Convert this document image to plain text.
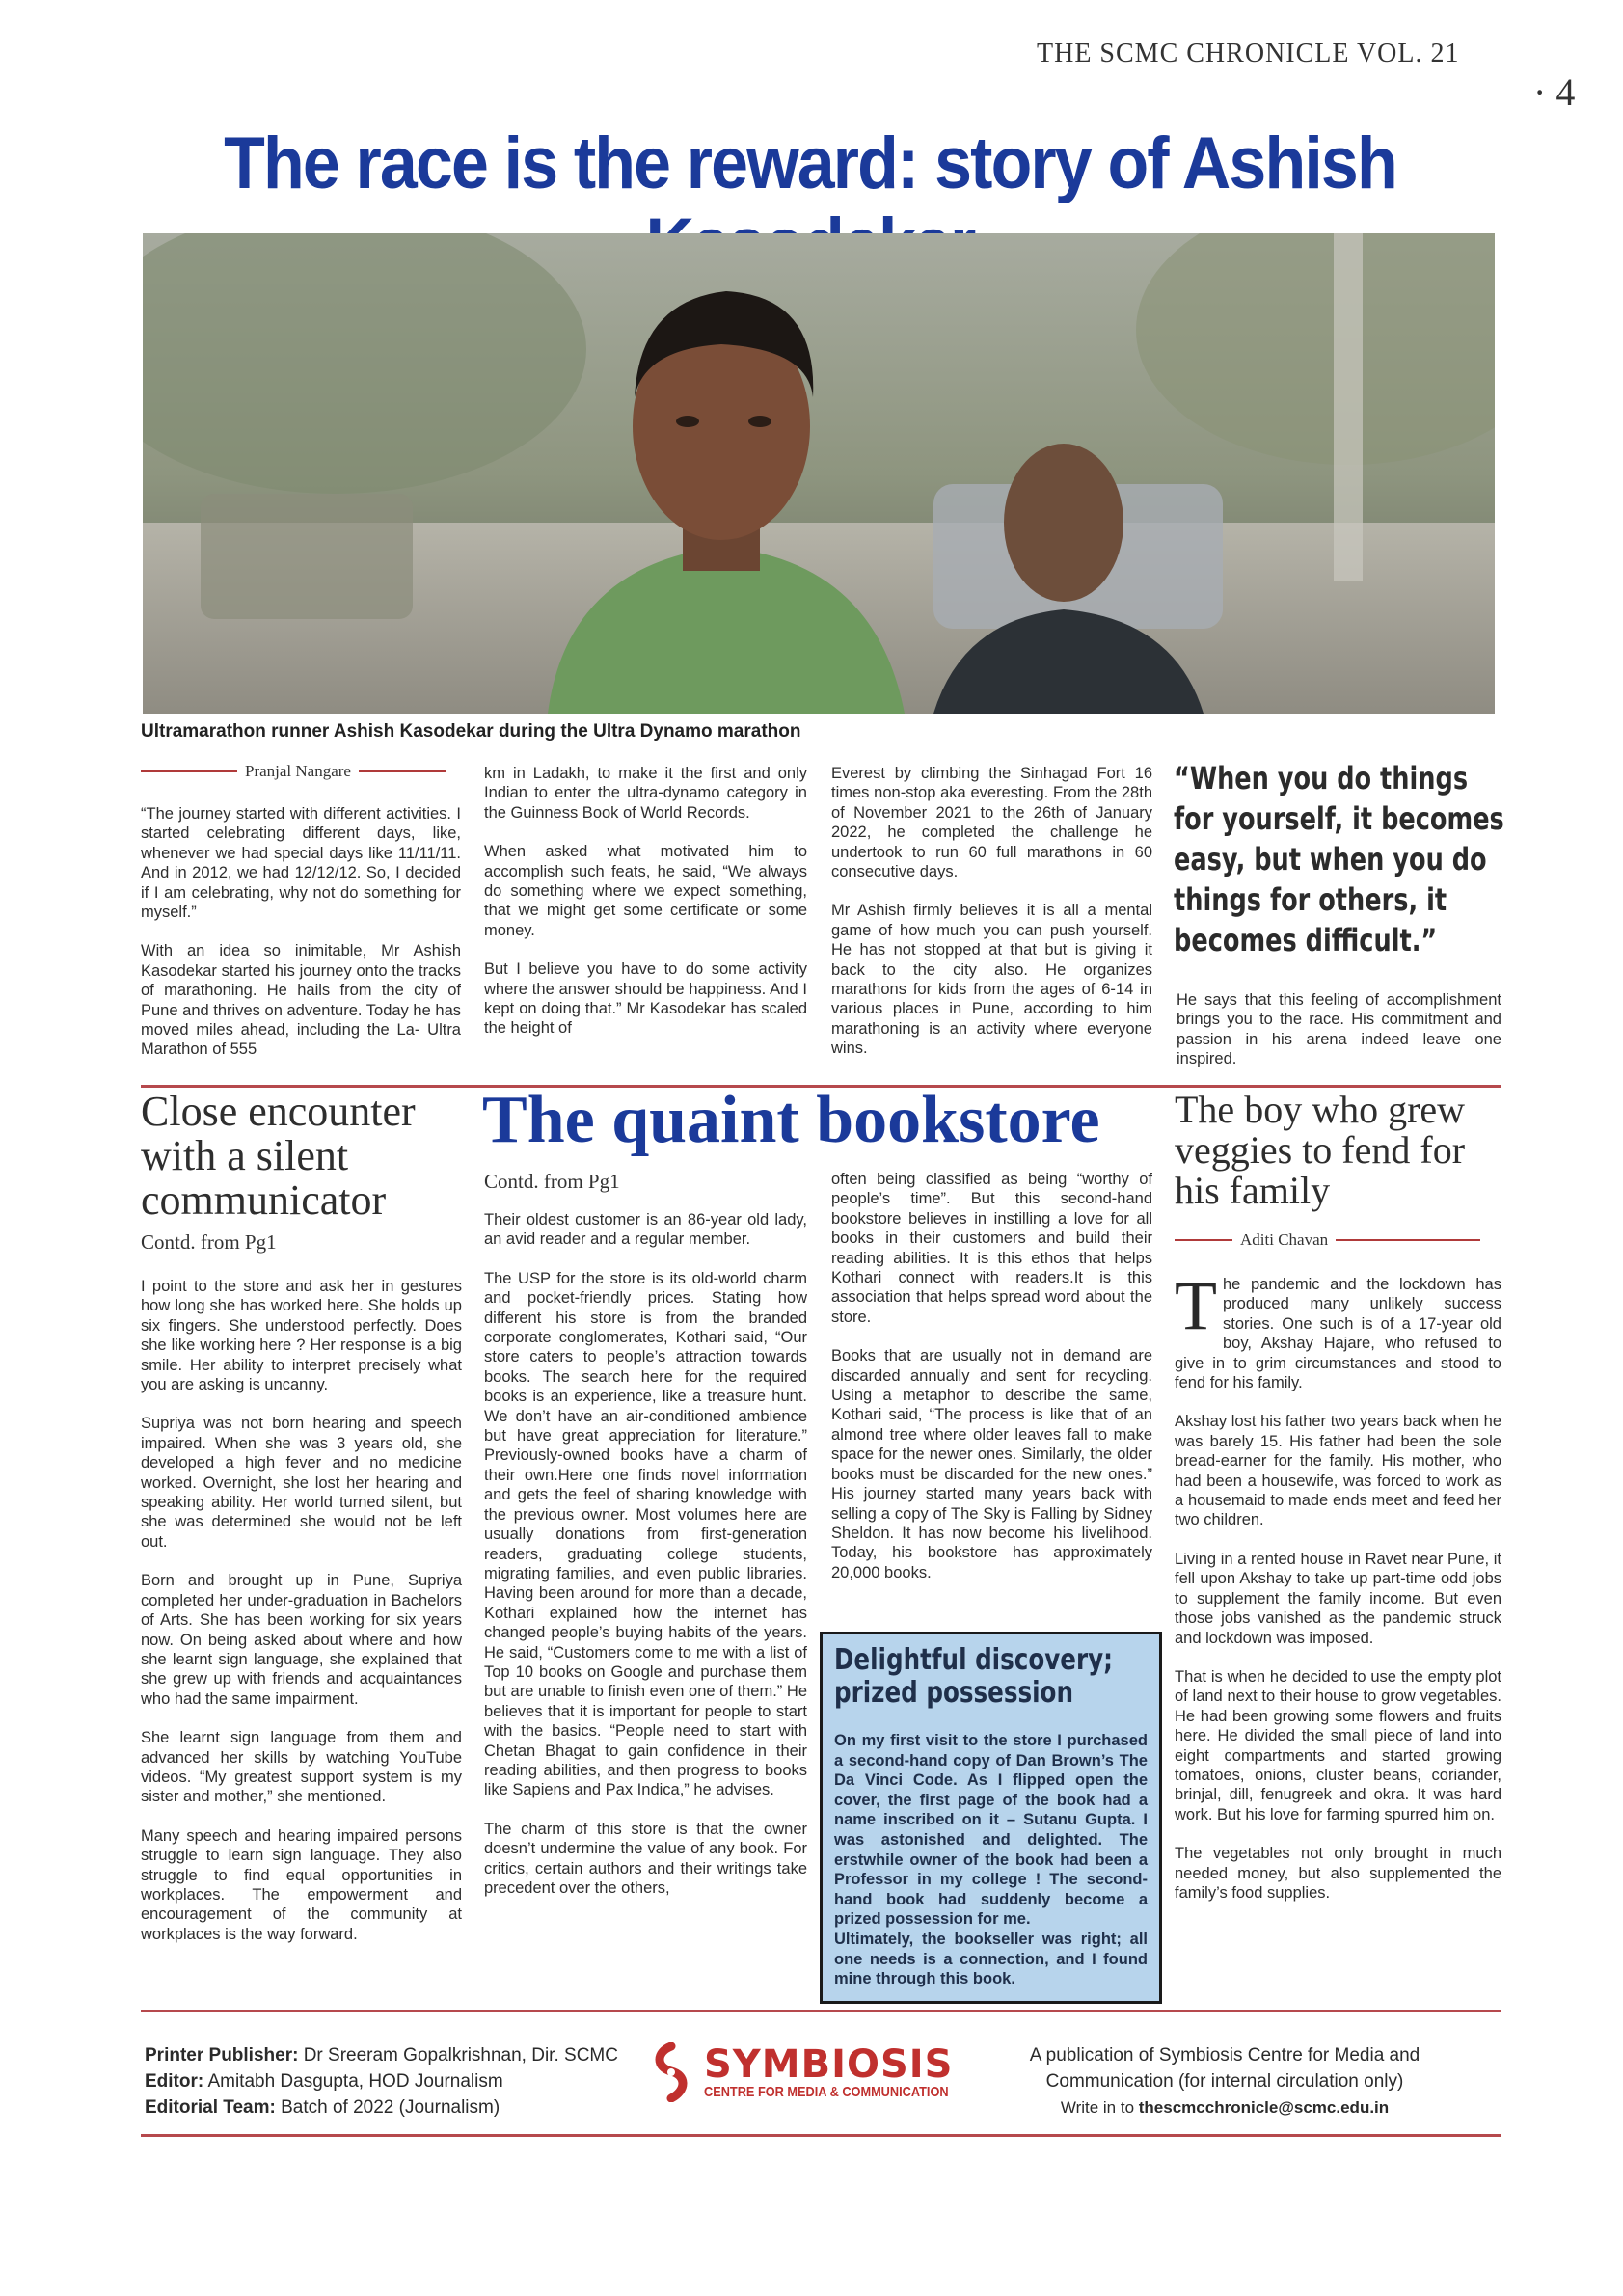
THE SCMC CHRONICLE VOL. 21
· 4
The race is the reward: story of Ashish
Ultramarathon runner Ashish Kasodekar during the Ultra Dynamo marathon
Pranjal Nangare

“The journey started with different activities. I started celebrating different days, like, whenever we had special days like 11/11/11. And in 2012, we had 12/12/12. So, I decided if I am celebrating, why not do something for myself.”

With an idea so inimitable, Mr Ashish Kasodekar started his journey onto the tracks of marathoning. He hails from the city of Pune and thrives on adventure. Today he has moved miles ahead, including the La- Ultra Marathon of 555

km in Ladakh, to make it the first and only Indian to enter the ultra-dynamo category in the Guinness Book of World Records.

When asked what motivated him to accomplish such feats, he said, “We always do something where we expect something, that we might get some certificate or some money.

But I believe you have to do some activity where the answer should be happiness. And I kept on doing that.” Mr Kasodekar has scaled the height of

Everest by climbing the Sinhagad Fort 16 times non-stop aka everesting. From the 28th of November 2021 to the 26th of January 2022, he completed the challenge he undertook to run 60 full marathons in 60 consecutive days.

Mr Ashish firmly believes it is all a mental game of how much you can push yourself. He has not stopped at that but is giving it back to the city also. He organizes marathons for kids from the ages of 6-14 in various places in Pune, according to him marathoning is an activity where everyone wins.

“When you do things for yourself, it becomes easy, but when you do things for others, it becomes difficult.”

He says that this feeling of accomplishment brings you to the race. His commitment and passion in his arena indeed leave one inspired.

Close encounter with a silent communicator
Contd. from Pg1

I point to the store and ask her in gestures how long she has worked here. She holds up six fingers. She understood perfectly. Does she like working here ? Her response is a big smile. Her ability to interpret precisely what you are asking is uncanny.

Supriya was not born hearing and speech impaired. When she was 3 years old, she developed a high fever and no medicine worked. Overnight, she lost her hearing and speaking ability. Her world turned silent, but she was determined she would not be left out.

Born and brought up in Pune, Supriya completed her under-graduation in Bachelors of Arts. She has been working for six years now. On being asked about where and how she learnt sign language, she explained that she grew up with friends and acquaintances who had the same impairment.

She learnt sign language from them and advanced her skills by watching YouTube videos. “My greatest support system is my sister and mother,” she mentioned.

Many speech and hearing impaired persons struggle to learn sign language. They also struggle to find equal opportunities in workplaces. The empowerment and encouragement of the community at workplaces is the way forward.

The quaint bookstore
Contd. from Pg1

Their oldest customer is an 86-year old lady, an avid reader and a regular member.

The USP for the store is its old-world charm and pocket-friendly prices. Stating how different his store is from the branded corporate conglomerates, Kothari said, “Our store caters to people’s attraction towards books. The search here for the required books is an experience, like a treasure hunt. We don’t have an air-conditioned ambience but have great appreciation for literature.” Previously-owned books have a charm of their own.Here one finds novel information and gets the feel of sharing knowledge with the previous owner. Most volumes here are usually donations from first-generation readers, graduating college students, migrating families, and even public libraries. Having been around for more than a decade, Kothari explained how the internet has changed people’s buying habits of the years. He said, “Customers come to me with a list of Top 10 books on Google and purchase them but are unable to finish even one of them.” He believes that it is important for people to start with the basics. “People need to start with Chetan Bhagat to gain confidence in their reading abilities, and then progress to books like Sapiens and Pax Indica,” he advises.

The charm of this store is that the owner doesn’t undermine the value of any book. For critics, certain authors and their writings take precedent over the others,

often being classified as being “worthy of people’s time”. But this second-hand bookstore believes in instilling a love for all books in their customers and build their reading abilities. It is this ethos that helps Kothari connect with readers.It is this association that helps spread word about the store.

Books that are usually not in demand are discarded annually and sent for recycling. Using a metaphor to describe the same, Kothari said, “The process is like that of an almond tree where older leaves fall to make space for the newer ones. Similarly, the older books must be discarded for the new ones.” His journey started many years back with selling a copy of The Sky is Falling by Sidney Sheldon. It has now become his livelihood. Today, his bookstore has approximately 20,000 books.

Delightful discovery; prized possession
On my first visit to the store I purchased a second-hand copy of Dan Brown’s The Da Vinci Code. As I flipped open the cover, the first page of the book had a name inscribed on it – Sutanu Gupta. I was astonished and delighted. The erstwhile owner of the book had been a Professor in my college ! The second-hand book had suddenly become a prized possession for me.
Ultimately, the bookseller was right; all one needs is a connection, and I found mine through this book.
The boy who grew veggies to fend for his family
Aditi Chavan

The pandemic and the lockdown has produced many unlikely success stories. One such is of a 17-year old boy, Akshay Hajare, who refused to give in to grim circumstances and stood to fend for his family.

Akshay lost his father two years back when he was barely 15. His father had been the sole bread-earner for the family. His mother, who had been a housewife, was forced to work as a housemaid to made ends meet and feed her two children.

Living in a rented house in Ravet near Pune, it fell upon Akshay to take up part-time odd jobs to supplement the family income. But even those jobs vanished as the pandemic struck and lockdown was imposed.

That is when he decided to use the empty plot of land next to their house to grow vegetables. He had been growing some flowers and fruits here. He divided the small piece of land into eight compartments and started growing tomatoes, onions, cluster beans, coriander, brinjal, dill, fenugreek and okra. It was hard work. But his love for farming spurred him on.

The vegetables not only brought in much needed money, but also supplemented the family’s food supplies.

Printer Publisher: Dr Sreeram Gopalkrishnan, Dir. SCMC
Editor: Amitabh Dasgupta, HOD Journalism
Editorial Team: Batch of 2022 (Journalism)
SYMBIOSIS
CENTRE FOR MEDIA & COMMUNICATION
A publication of Symbiosis Centre for Media and
Communication (for internal circulation only)
Write in to thescmcchronicle@scmc.edu.in
